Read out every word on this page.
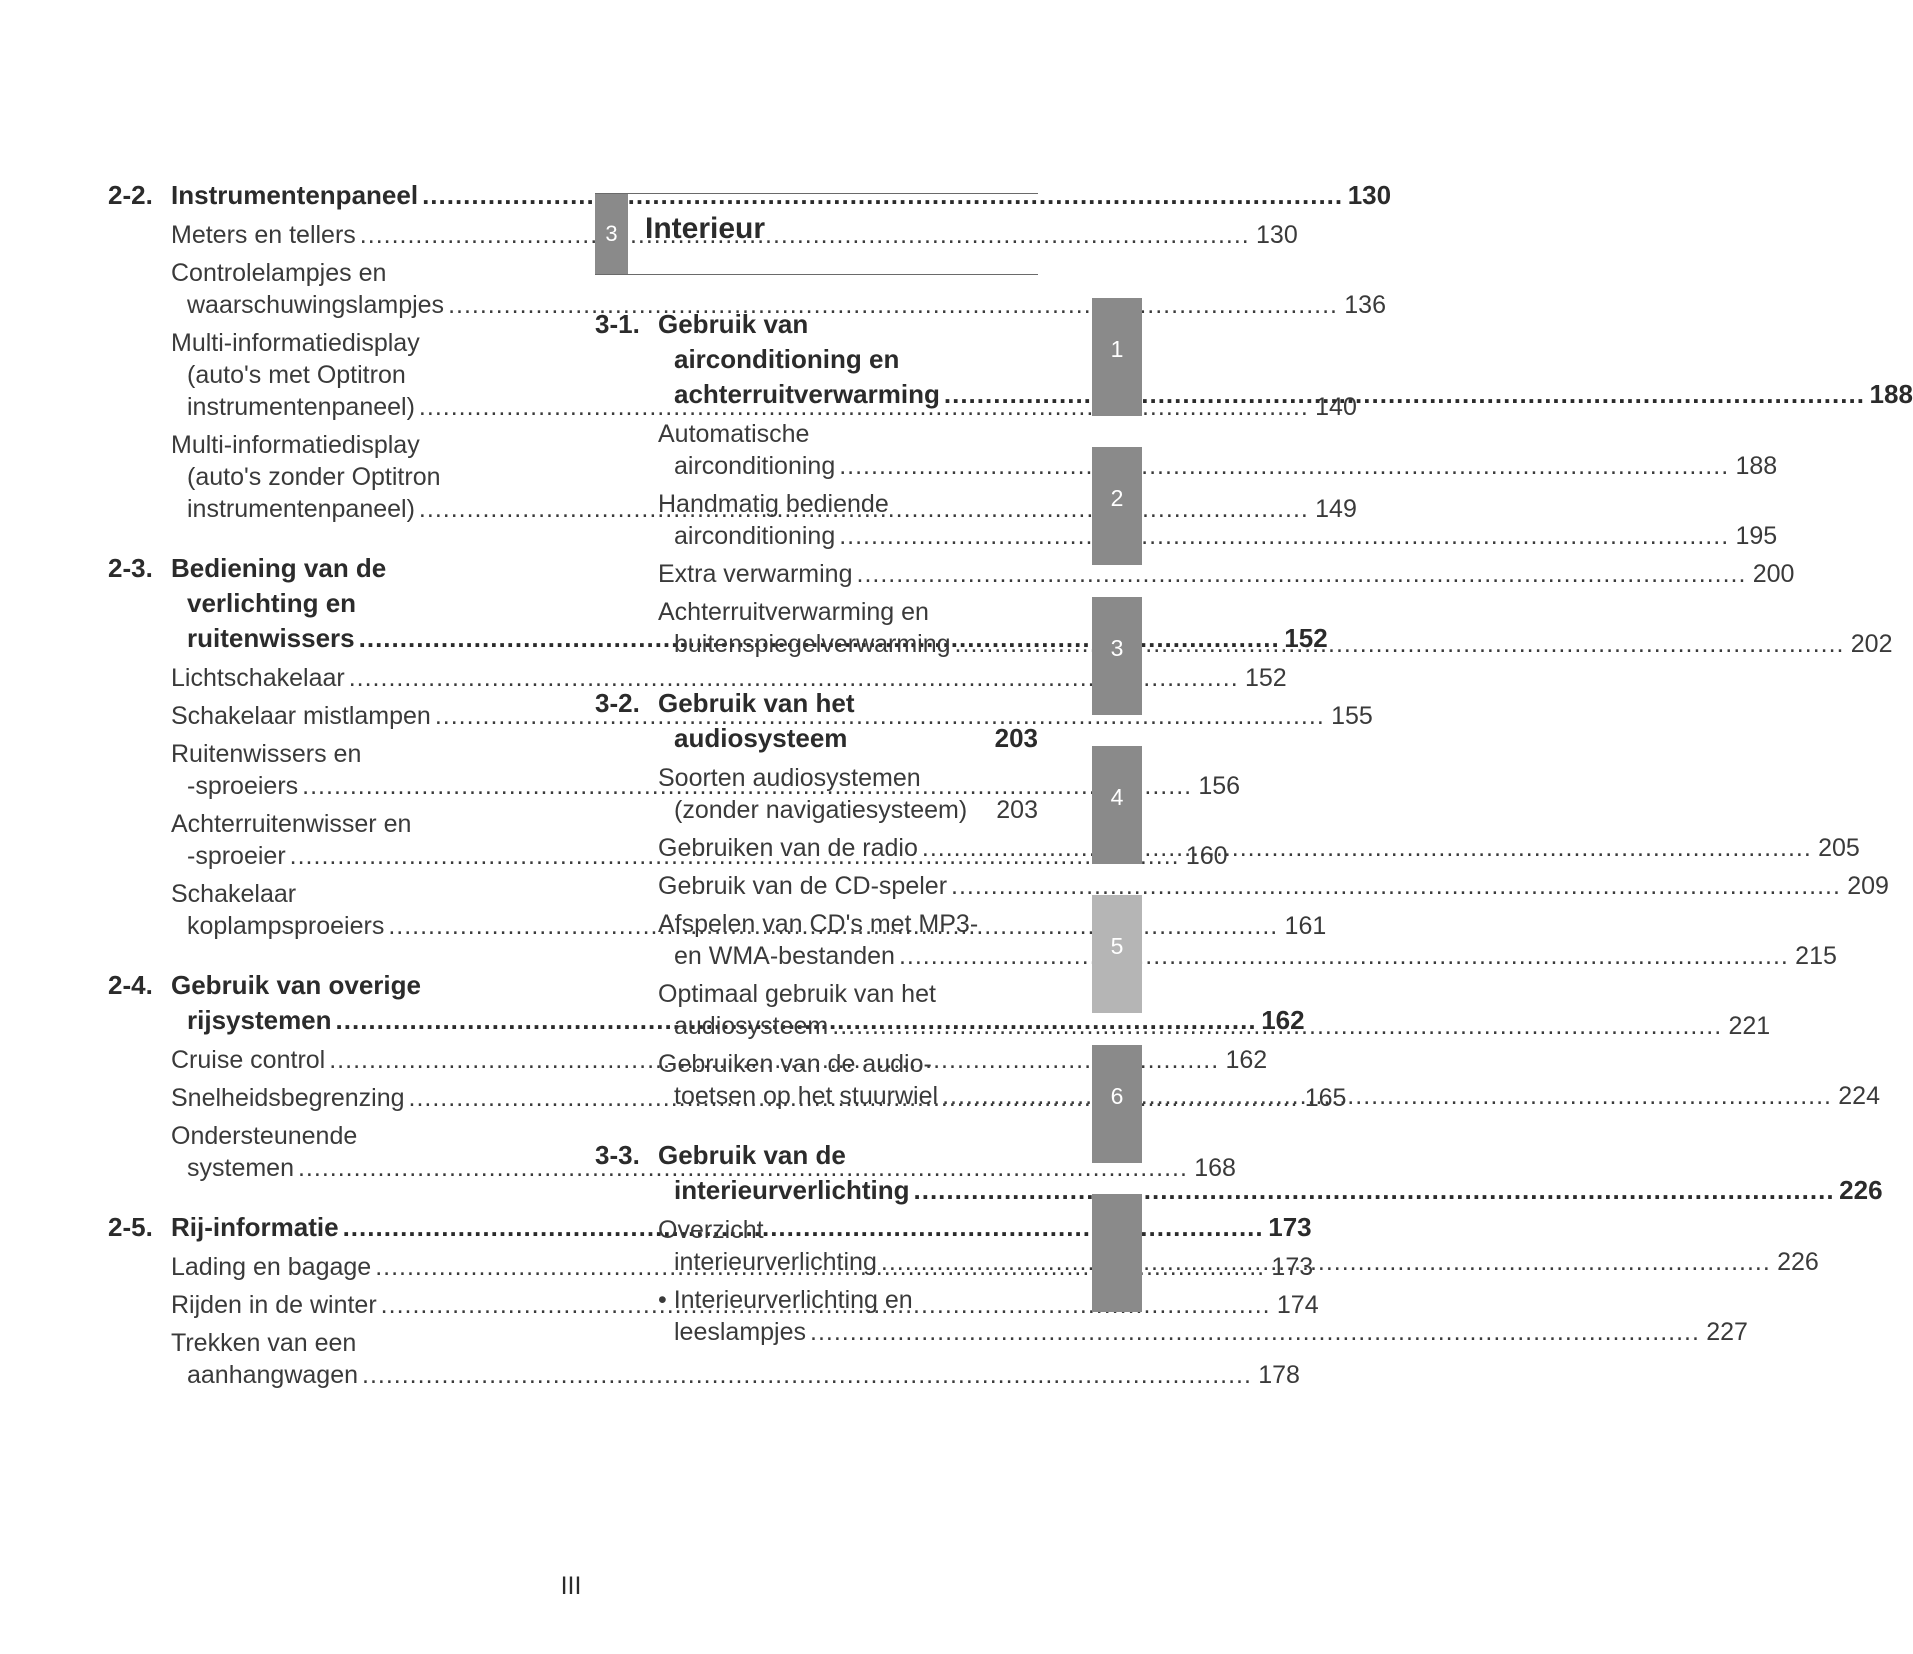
2-2. Instrumentenpaneel .....	130
Meters en tellers .....	130
Controlelampjes en
waarschuwingslampjes .....	136
Multi-informatiedisplay
(auto's met Optitron
instrumentenpaneel) .....	140
Multi-informatiedisplay
(auto's zonder Optitron
instrumentenpaneel) .....	149
2-3. Bediening van de
verlichting en
ruitenwissers .....	152
Lichtschakelaar .....	152
Schakelaar mistlampen .....	155
Ruitenwissers en
-sproeiers .....	156
Achterruitenwisser en
-sproeier .....	160
Schakelaar
koplampsproeiers .....	161
2-4. Gebruik van overige
rijsystemen .....	162
Cruise control .....	162
Snelheidsbegrenzing .....	165
Ondersteunende
systemen .....	168
2-5. Rij-informatie .....	173
Lading en bagage .....	173
Rijden in de winter .....	174
Trekken van een
aanhangwagen .....	178
3 Interieur
3-1. Gebruik van
airconditioning en
achterruitverwarming .....	188
Automatische
airconditioning .....	188
Handmatig bediende
airconditioning .....	195
Extra verwarming .....	200
Achterruitverwarming en
buitenspiegelverwarming .....	202
3-2. Gebruik van het
audiosysteem	203
Soorten audiosystemen
(zonder navigatiesysteem) 203
Gebruiken van de radio .....	205
Gebruik van de CD-speler .....	209
Afspelen van CD's met MP3-
en WMA-bestanden .....	215
Optimaal gebruik van het
audiosysteem .....	221
Gebruiken van de audio-
toetsen op het stuurwiel .....	224
3-3. Gebruik van de
interieurverlichting .....	226
Overzicht
interieurverlichting .....	226
• Interieurverlichting en
leeslampjes .....	227
1
2
3
4
5
6
III
